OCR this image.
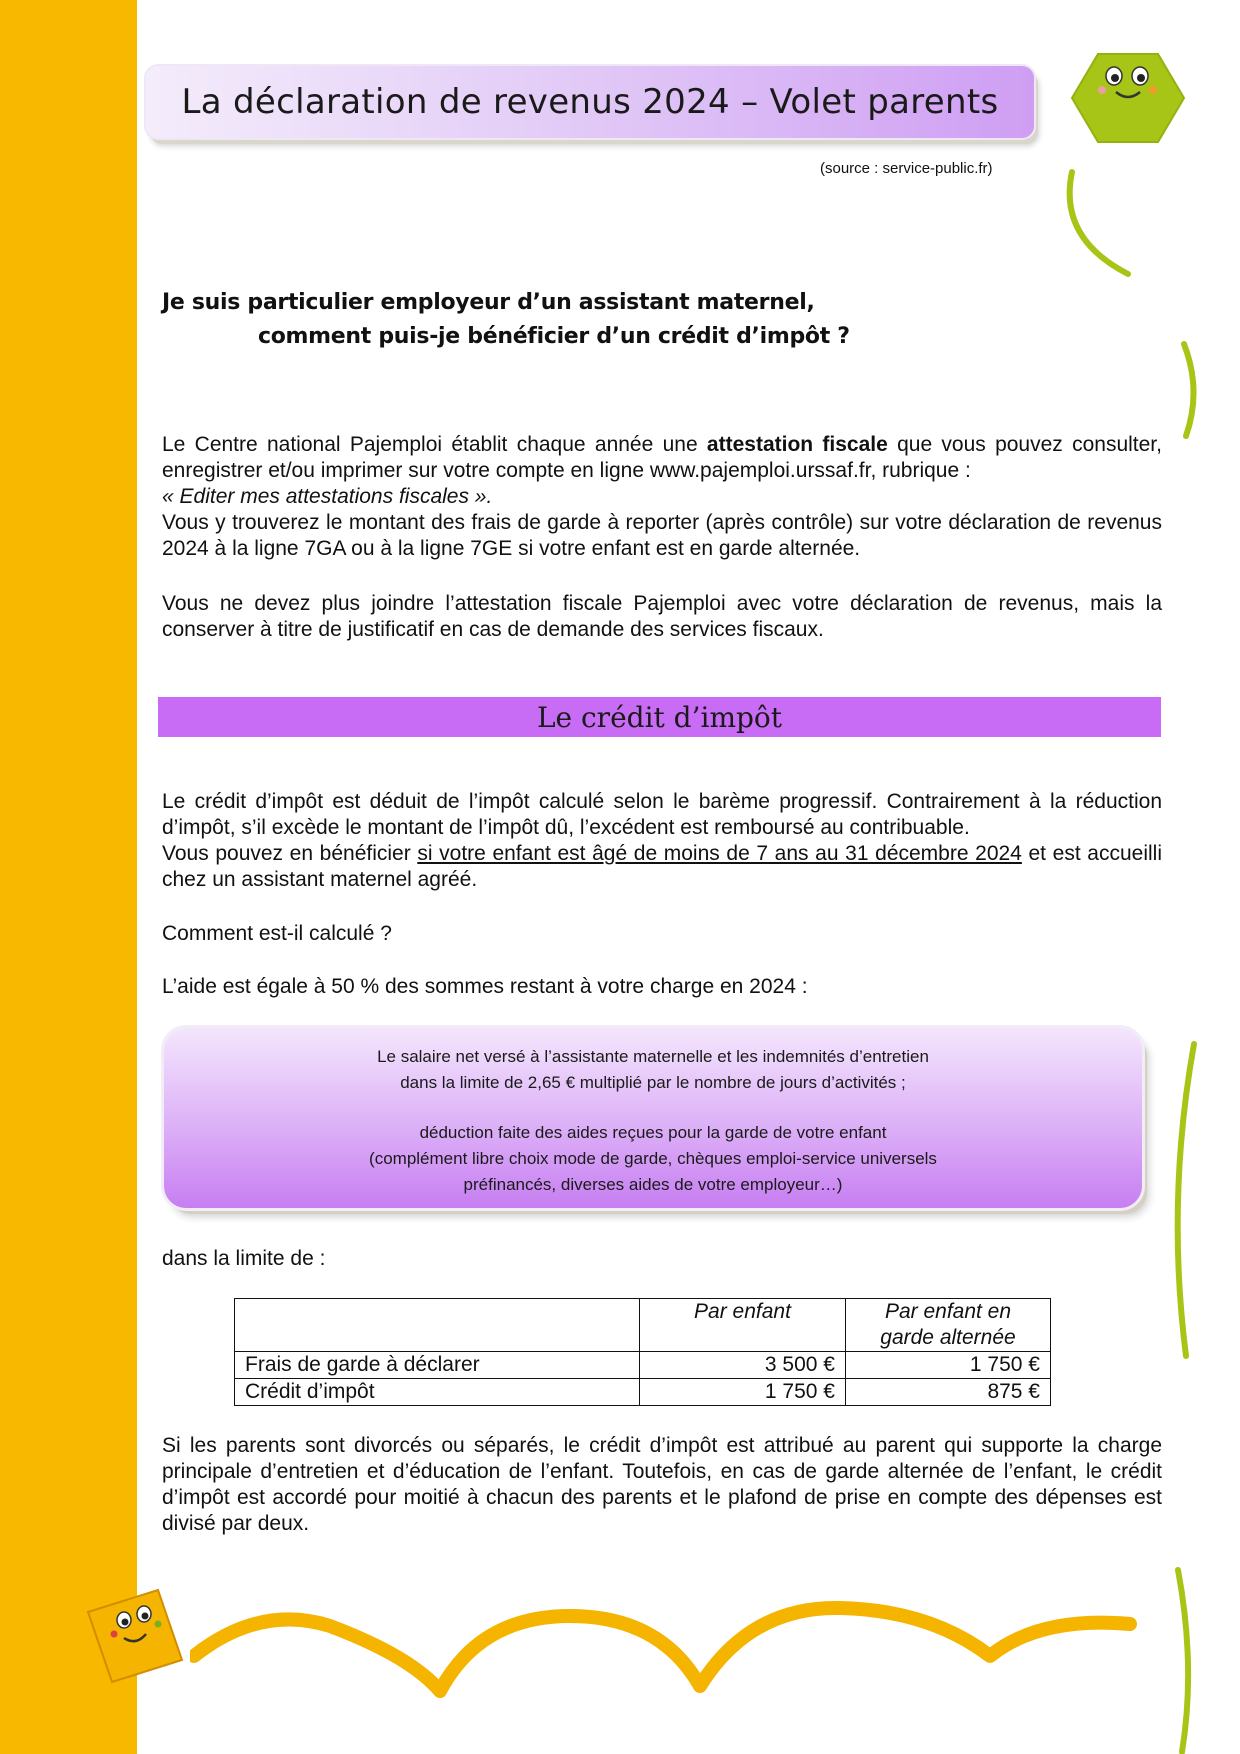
La déclaration de revenus 2024 – Volet parents
(source : service-public.fr)
Je suis particulier employeur d’un assistant maternel,
comment puis-je bénéficier d’un crédit d’impôt ?
Le Centre national Pajemploi établit chaque année une attestation fiscale que vous pouvez consulter, enregistrer et/ou imprimer sur votre compte en ligne www.pajemploi.urssaf.fr, rubrique :
« Editer mes attestations fiscales ».
Vous y trouverez le montant des frais de garde à reporter (après contrôle) sur votre déclaration de revenus 2024 à la ligne 7GA ou à la ligne 7GE si votre enfant est en garde alternée.
Vous ne devez plus joindre l’attestation fiscale Pajemploi avec votre déclaration de revenus, mais la conserver à titre de justificatif en cas de demande des services fiscaux.
Le crédit d’impôt
Le crédit d’impôt est déduit de l’impôt calculé selon le barème progressif. Contrairement à la réduction d’impôt, s’il excède le montant de l’impôt dû, l’excédent est remboursé au contribuable.
Vous pouvez en bénéficier si votre enfant est âgé de moins de 7 ans au 31 décembre 2024 et est accueilli chez un assistant maternel agréé.
Comment est-il calculé ?
L’aide est égale à 50 % des sommes restant à votre charge en 2024 :
Le salaire net versé à l’assistante maternelle et les indemnités d’entretien
dans la limite de 2,65 € multiplié par le nombre de jours d’activités ;
déduction faite des aides reçues pour la garde de votre enfant
(complément libre choix mode de garde, chèques emploi-service universels
préfinancés, diverses aides de votre employeur…)
dans la limite de :
	Par enfant	Par enfant en
garde alternée
Frais de garde à déclarer	3 500 €	1 750 €
Crédit d’impôt	1 750 €	875 €
Si les parents sont divorcés ou séparés, le crédit d’impôt est attribué au parent qui supporte la charge principale d’entretien et d’éducation de l’enfant. Toutefois, en cas de garde alternée de l’enfant, le crédit d’impôt est accordé pour moitié à chacun des parents et le plafond de prise en compte des dépenses est divisé par deux.
